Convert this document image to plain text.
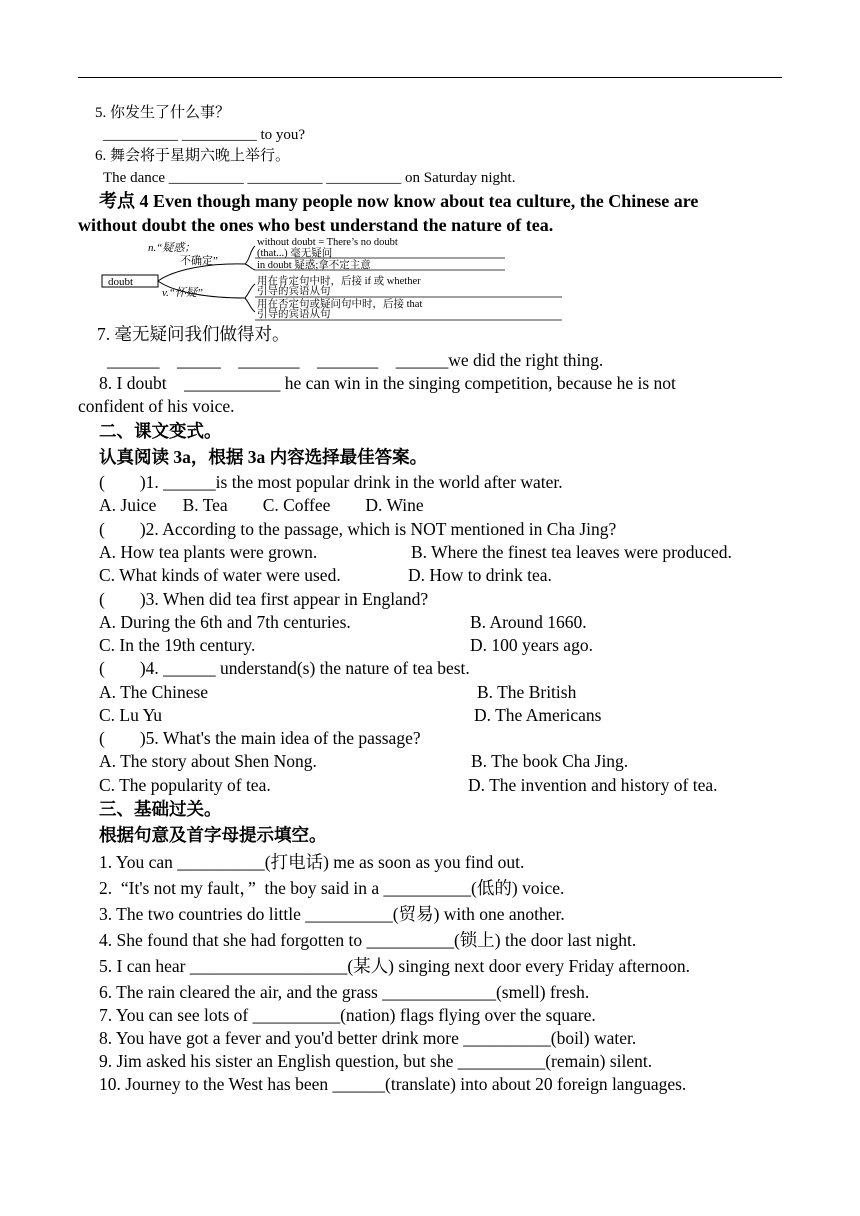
5. 你发生了什么事？
__________ __________ to you?
6. 舞会将于星期六晚上举行。
The dance __________ __________ __________ on Saturday night.
考点 4 Even though many people now know about tea culture, the Chinese are
without doubt the ones who best understand the nature of tea.
doubt
n.“疑惑；
不确定”
v.“怀疑”
without doubt = There’s no doubt
(that...) 毫无疑问
in doubt 疑惑;拿不定主意
用在肯定句中时，后接 if 或 whether
引导的宾语从句
用在否定句或疑问句中时，后接 that
引导的宾语从句
7. 毫无疑问我们做得对。
______    _____    _______    _______    ______we did the right thing.
8. I doubt    ___________ he can win in the singing competition, because he is not
confident of his voice.
二、课文变式。
认真阅读 3a，根据 3a 内容选择最佳答案。
(        )1. ______is the most popular drink in the world after water.
A. Juice      B. Tea        C. Coffee        D. Wine
(        )2. According to the passage, which is NOT mentioned in Cha Jing?
A. How tea plants were grown.	B. Where the finest tea leaves were produced.
C. What kinds of water were used.	D. How to drink tea.
(        )3. When did tea first appear in England?
A. During the 6th and 7th centuries.	B. Around 1660.
C. In the 19th century.	D. 100 years ago.
(        )4. ______ understand(s) the nature of tea best.
A. The Chinese	B. The British
C. Lu Yu	D. The Americans
(        )5. What's the main idea of the passage?
A. The story about Shen Nong.	B. The book Cha Jing.
C. The popularity of tea.	D. The invention and history of tea.
三、基础过关。
根据句意及首字母提示填空。
1. You can __________(打电话) me as soon as you find out.
2.  “It's not my fault，”  the boy said in a __________(低的) voice.
3. The two countries do little __________(贸易) with one another.
4. She found that she had forgotten to __________(锁上) the door last night.
5. I can hear __________________(某人) singing next door every Friday afternoon.
6. The rain cleared the air, and the grass _____________(smell) fresh.
7. You can see lots of __________(nation) flags flying over the square.
8. You have got a fever and you'd better drink more __________(boil) water.
9. Jim asked his sister an English question, but she __________(remain) silent.
10. Journey to the West has been ______(translate) into about 20 foreign languages.
